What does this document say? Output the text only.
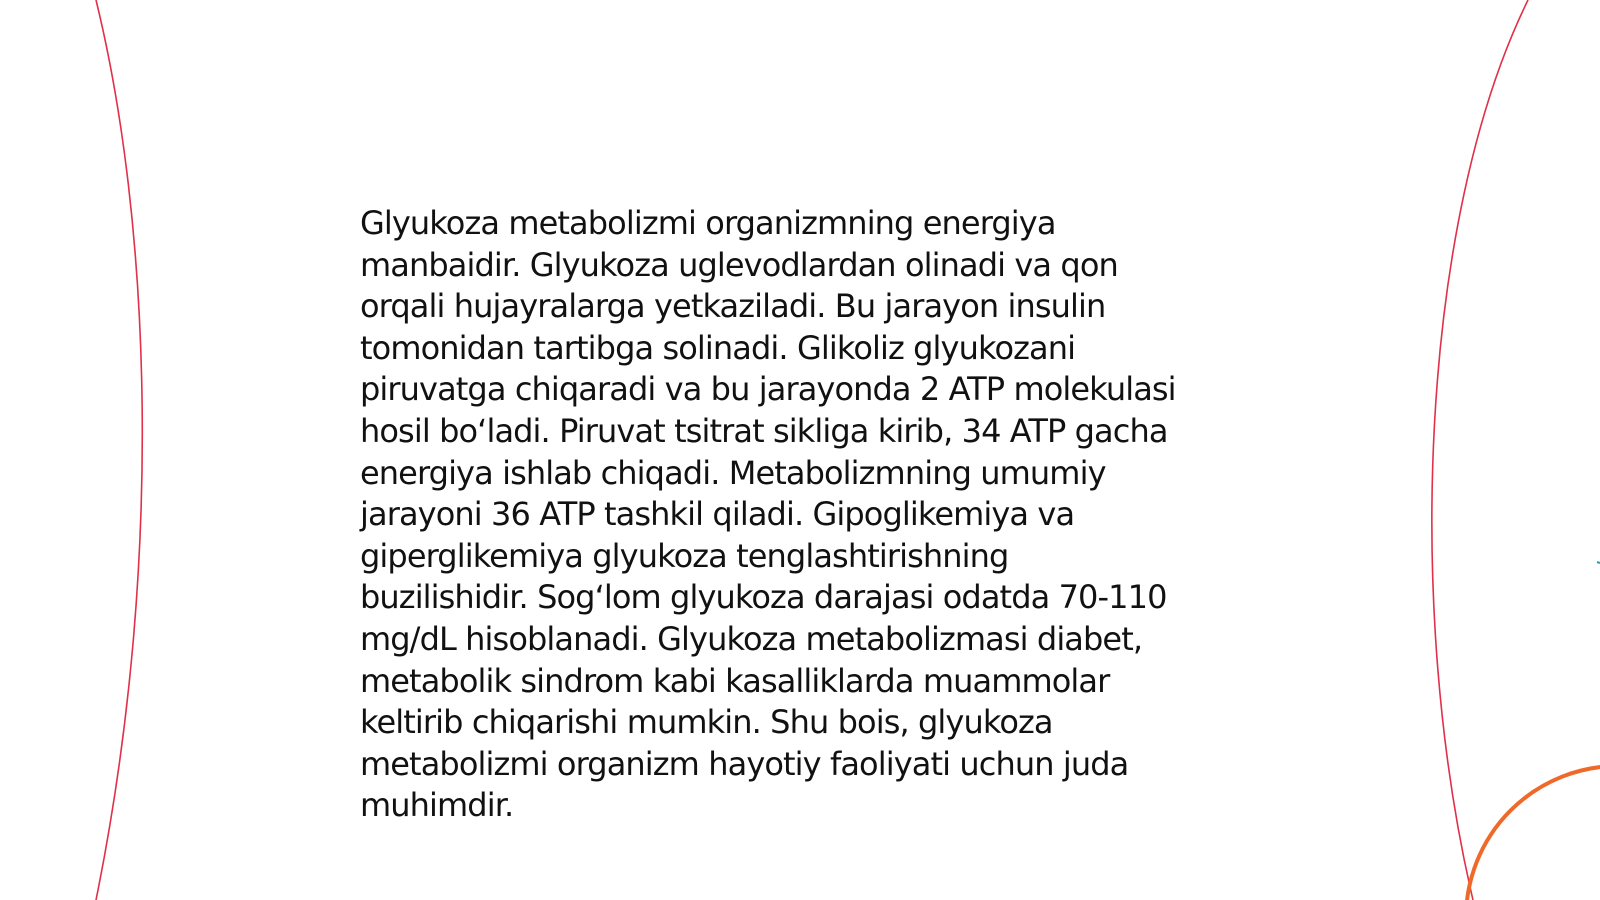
Glyukoza metabolizmi organizmning energiya
manbaidir. Glyukoza uglevodlardan olinadi va qon
orqali hujayralarga yetkaziladi. Bu jarayon insulin
tomonidan tartibga solinadi. Glikoliz glyukozani
piruvatga chiqaradi va bu jarayonda 2 ATP molekulasi
hosil boʻladi. Piruvat tsitrat sikliga kirib, 34 ATP gacha
energiya ishlab chiqadi. Metabolizmning umumiy
jarayoni 36 ATP tashkil qiladi. Gipoglikemiya va
giperglikemiya glyukoza tenglashtirishning
buzilishidir. Sogʻlom glyukoza darajasi odatda 70-110
mg/dL hisoblanadi. Glyukoza metabolizmasi diabet,
metabolik sindrom kabi kasalliklarda muammolar
keltirib chiqarishi mumkin. Shu bois, glyukoza
metabolizmi organizm hayotiy faoliyati uchun juda
muhimdir.
